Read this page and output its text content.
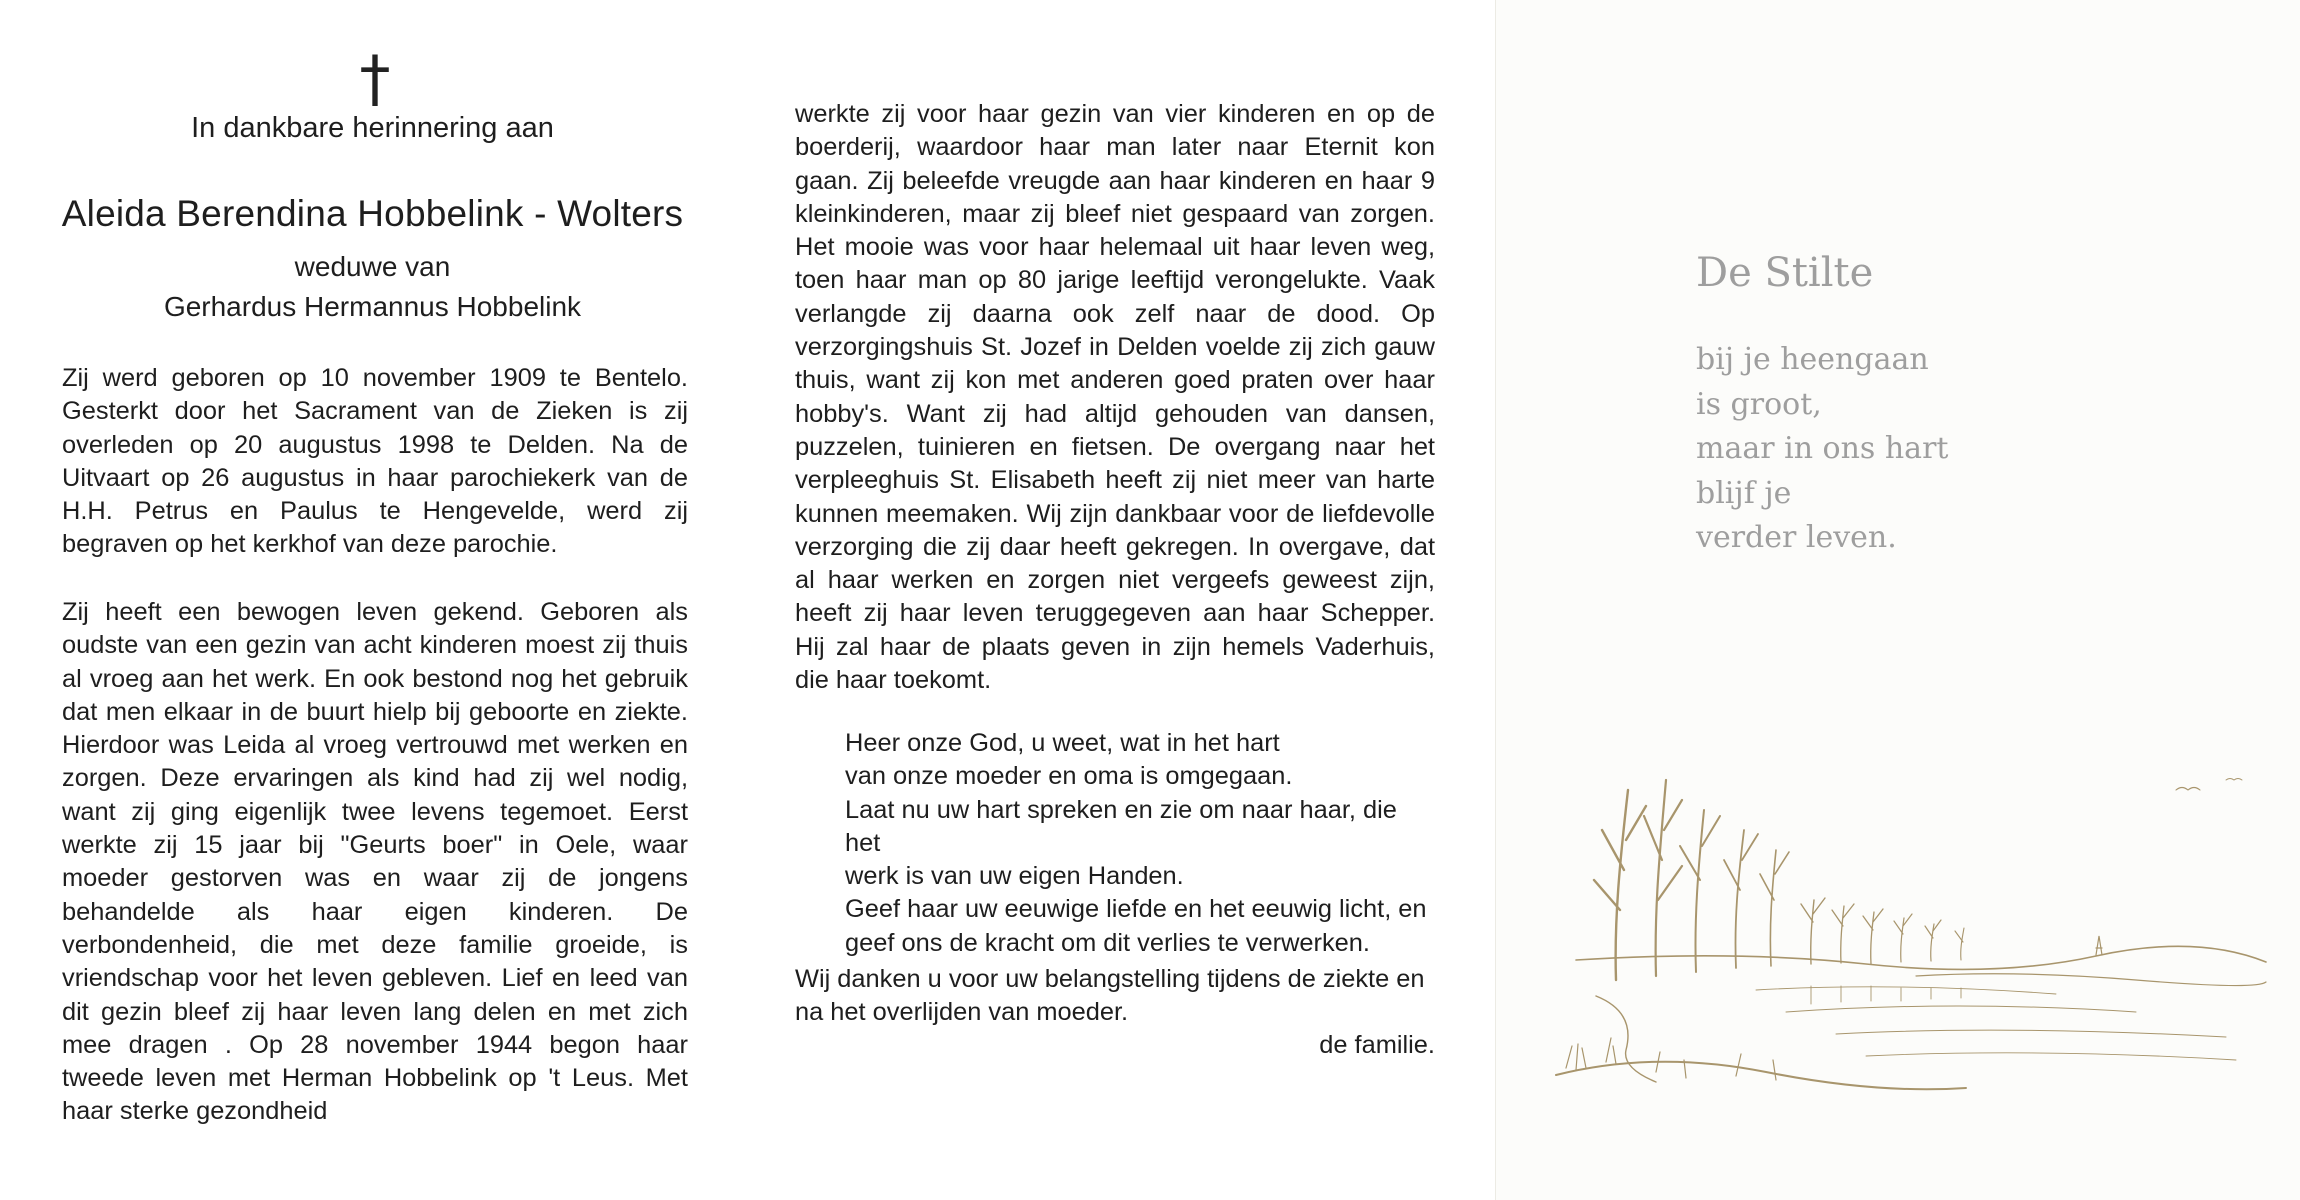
†
In dankbare herinnering aan
Aleida Berendina Hobbelink - Wolters
weduwe van
Gerhardus Hermannus Hobbelink

Zij werd geboren op 10 november 1909 te Bentelo. Gesterkt door het Sacrament van de Zieken is zij overleden op 20 augustus 1998 te Delden. Na de Uitvaart op 26 augustus in haar parochiekerk van de H.H. Petrus en Paulus te Hengevelde, werd zij begraven op het kerkhof van deze parochie.

Zij heeft een bewogen leven gekend. Geboren als oudste van een gezin van acht kinderen moest zij thuis al vroeg aan het werk. En ook bestond nog het gebruik dat men elkaar in de buurt hielp bij geboorte en ziekte. Hierdoor was Leida al vroeg vertrouwd met werken en zorgen. Deze ervaringen als kind had zij wel nodig, want zij ging eigenlijk twee levens tegemoet. Eerst werkte zij 15 jaar bij "Geurts boer" in Oele, waar moeder gestorven was en waar zij de jongens behandelde als haar eigen kinderen. De verbondenheid, die met deze familie groeide, is vriendschap voor het leven gebleven. Lief en leed van dit gezin bleef zij haar leven lang delen en met zich mee dragen . Op 28 november 1944 begon haar tweede leven met Herman Hobbelink op 't Leus. Met haar sterke gezondheid

werkte zij voor haar gezin van vier kinderen en op de boerderij, waardoor haar man later naar Eternit kon gaan. Zij beleefde vreugde aan haar kinderen en haar 9 kleinkinderen, maar zij bleef niet gespaard van zorgen. Het mooie was voor haar helemaal uit haar leven weg, toen haar man op 80 jarige leeftijd verongelukte. Vaak verlangde zij daarna ook zelf naar de dood. Op verzorgingshuis St. Jozef in Delden voelde zij zich gauw thuis, want zij kon met anderen goed praten over haar hobby's. Want zij had altijd gehouden van dansen, puzzelen, tuinieren en fietsen. De overgang naar het verpleeghuis St. Elisabeth heeft zij niet meer van harte kunnen meemaken. Wij zijn dankbaar voor de liefdevolle verzorging die zij daar heeft gekregen. In overgave, dat al haar werken en zorgen niet vergeefs geweest zijn, heeft zij haar leven teruggegeven aan haar Schepper. Hij zal haar de plaats geven in zijn hemels Vaderhuis, die haar toekomt.

Heer onze God, u weet, wat in het hart
van onze moeder en oma is omgegaan.
Laat nu uw hart spreken en zie om naar haar, die het
werk is van uw eigen Handen.
Geef haar uw eeuwige liefde en het eeuwig licht, en
geef ons de kracht om dit verlies te verwerken.
Wij danken u voor uw belangstelling tijdens de ziekte en na het overlijden van moeder.
de familie.
De Stilte
bij je heengaan
is groot,
maar in ons hart
blijf je
verder leven.
